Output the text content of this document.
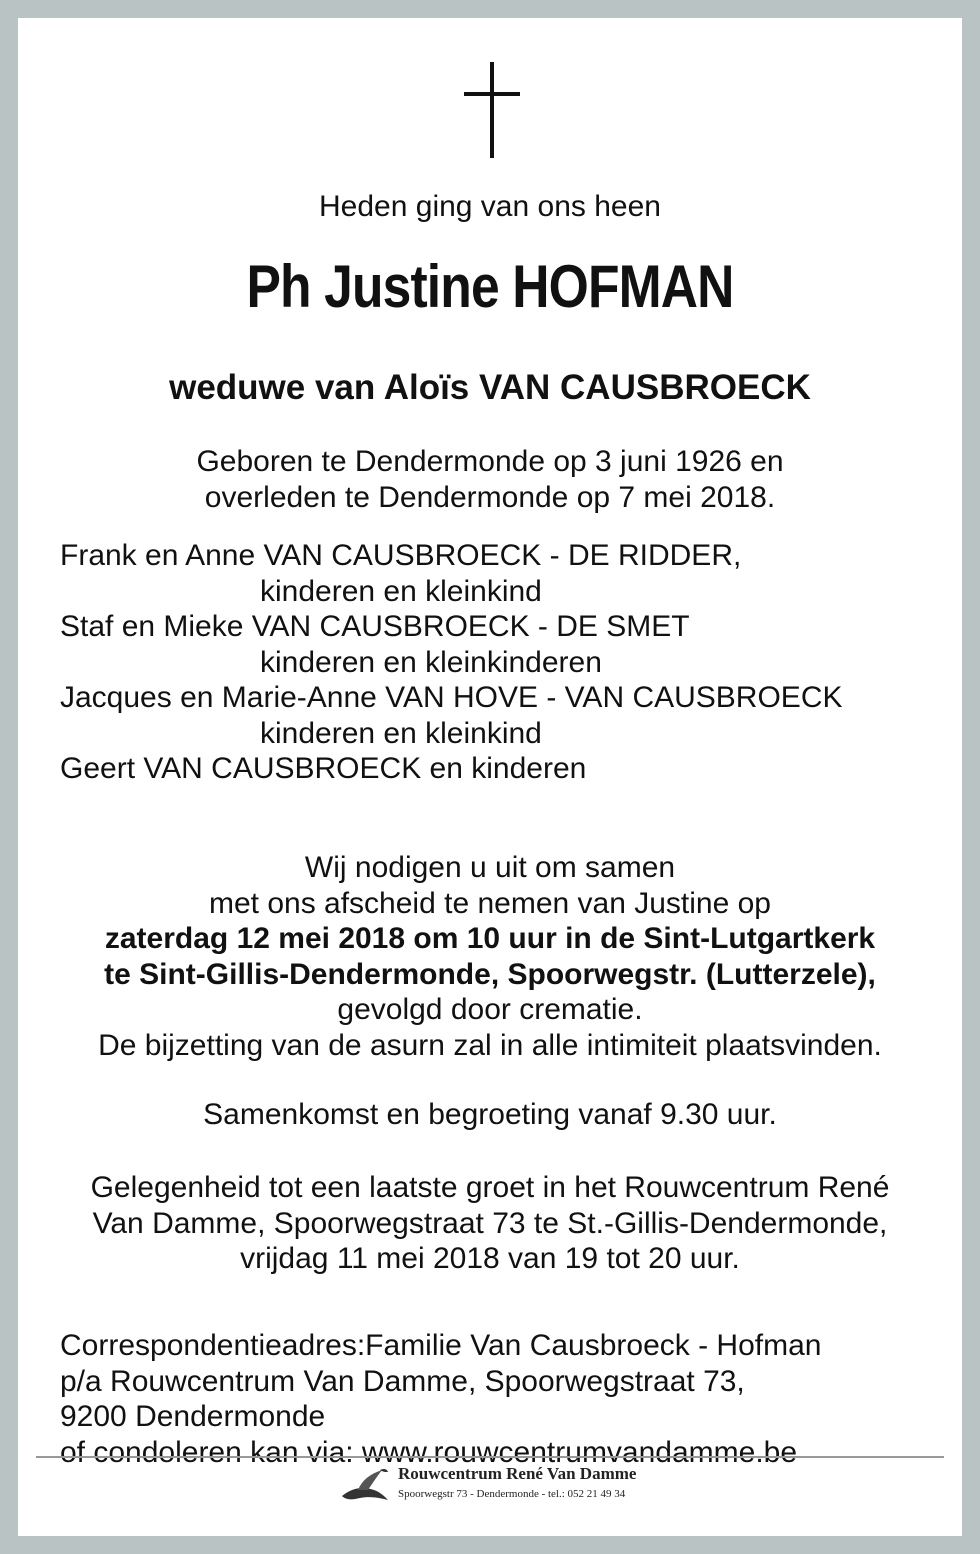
Heden ging van ons heen
Ph Justine HOFMAN
weduwe van Aloïs VAN CAUSBROECK
Geboren te Dendermonde op 3 juni 1926 en
overleden te Dendermonde op 7 mei 2018.
Frank en Anne VAN CAUSBROECK - DE RIDDER,
kinderen en kleinkind
Staf en Mieke VAN CAUSBROECK - DE SMET
kinderen en kleinkinderen
Jacques en Marie-Anne VAN HOVE - VAN CAUSBROECK
kinderen en kleinkind
Geert VAN CAUSBROECK en kinderen
Wij nodigen u uit om samen
met ons afscheid te nemen van Justine op
zaterdag 12 mei 2018 om 10 uur in de Sint-Lutgartkerk
te Sint-Gillis-Dendermonde, Spoorwegstr. (Lutterzele),
gevolgd door crematie.
De bijzetting van de asurn zal in alle intimiteit plaatsvinden.
Samenkomst en begroeting vanaf 9.30 uur.
Gelegenheid tot een laatste groet in het Rouwcentrum René
Van Damme, Spoorwegstraat 73 te St.-Gillis-Dendermonde,
vrijdag 11 mei 2018 van 19 tot 20 uur.
Correspondentieadres:Familie Van Causbroeck - Hofman
p/a Rouwcentrum Van Damme, Spoorwegstraat 73,
9200 Dendermonde
of condoleren kan via: www.rouwcentrumvandamme.be
Rouwcentrum René Van Damme
Spoorwegstr 73 - Dendermonde - tel.: 052 21 49 34
